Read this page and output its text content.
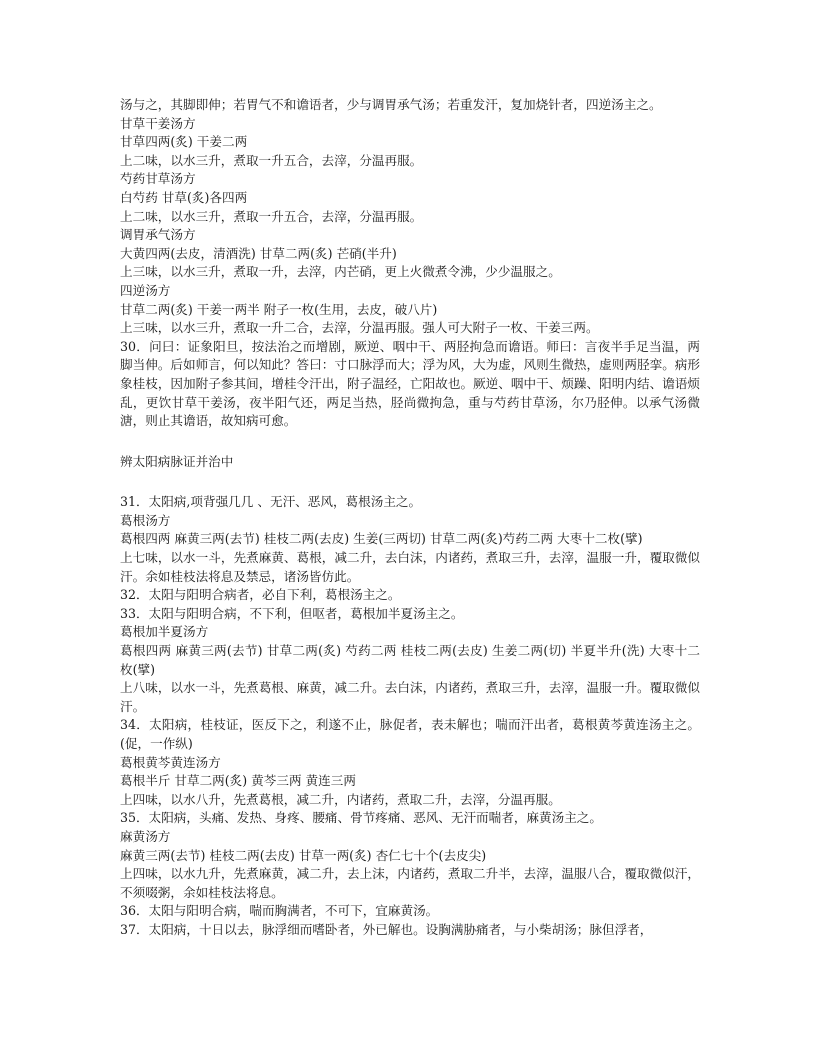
汤与之，其脚即伸；若胃气不和谵语者，少与调胃承气汤；若重发汗，复加烧针者，四逆汤主之。

甘草干姜汤方

甘草四两(炙) 干姜二两

上二味，以水三升，煮取一升五合，去滓，分温再服。

芍药甘草汤方

白芍药 甘草(炙)各四两

上二味，以水三升，煮取一升五合，去滓，分温再服。

调胃承气汤方

大黄四两(去皮，清酒洗) 甘草二两(炙) 芒硝(半升)

上三味，以水三升，煮取一升，去滓，内芒硝，更上火微煮令沸，少少温服之。

四逆汤方

甘草二两(炙) 干姜一两半 附子一枚(生用，去皮，破八片)

上三味，以水三升，煮取一升二合，去滓，分温再服。强人可大附子一枚、干姜三两。

30．问曰：证象阳旦，按法治之而增剧，厥逆、咽中干、两胫拘急而谵语。师曰：言夜半手足当温，两脚当伸。后如师言，何以知此？答曰：寸口脉浮而大；浮为风，大为虚，风则生微热，虚则两胫挛。病形象桂枝，因加附子参其间，增桂令汗出，附子温经，亡阳故也。厥逆、咽中干、烦躁、阳明内结、谵语烦乱，更饮甘草干姜汤，夜半阳气还，两足当热，胫尚微拘急，重与芍药甘草汤，尔乃胫伸。以承气汤微溏，则止其谵语，故知病可愈。

辨太阳病脉证并治中

31．太阳病,项背强几几 、无汗、恶风，葛根汤主之。

葛根汤方

葛根四两 麻黄三两(去节) 桂枝二两(去皮) 生姜(三两切) 甘草二两(炙)芍药二两 大枣十二枚(擘)

上七味，以水一斗，先煮麻黄、葛根，减二升，去白沫，内诸药，煮取三升，去滓，温服一升，覆取微似汗。余如桂枝法将息及禁忌，诸汤皆仿此。

32．太阳与阳明合病者，必自下利，葛根汤主之。

33．太阳与阳明合病，不下利，但呕者，葛根加半夏汤主之。

葛根加半夏汤方

葛根四两 麻黄三两(去节) 甘草二两(炙) 芍药二两 桂枝二两(去皮) 生姜二两(切) 半夏半升(洗) 大枣十二枚(擘)

上八味，以水一斗，先煮葛根、麻黄，减二升。去白沫，内诸药，煮取三升，去滓，温服一升。覆取微似汗。

34．太阳病，桂枝证，医反下之，利遂不止，脉促者，表未解也；喘而汗出者，葛根黄芩黄连汤主之。(促，一作纵)

葛根黄芩黄连汤方

葛根半斤 甘草二两(炙) 黄芩三两 黄连三两

上四味，以水八升，先煮葛根，减二升，内诸药，煮取二升，去滓，分温再服。

35．太阳病，头痛、发热、身疼、腰痛、骨节疼痛、恶风、无汗而喘者，麻黄汤主之。

麻黄汤方

麻黄三两(去节) 桂枝二两(去皮) 甘草一两(炙) 杏仁七十个(去皮尖)

上四味，以水九升，先煮麻黄，减二升，去上沫，内诸药，煮取二升半，去滓，温服八合，覆取微似汗，不须啜粥，余如桂枝法将息。

36．太阳与阳明合病，喘而胸满者，不可下，宜麻黄汤。

37．太阳病，十日以去，脉浮细而嗜卧者，外已解也。设胸满胁痛者，与小柴胡汤；脉但浮者，
